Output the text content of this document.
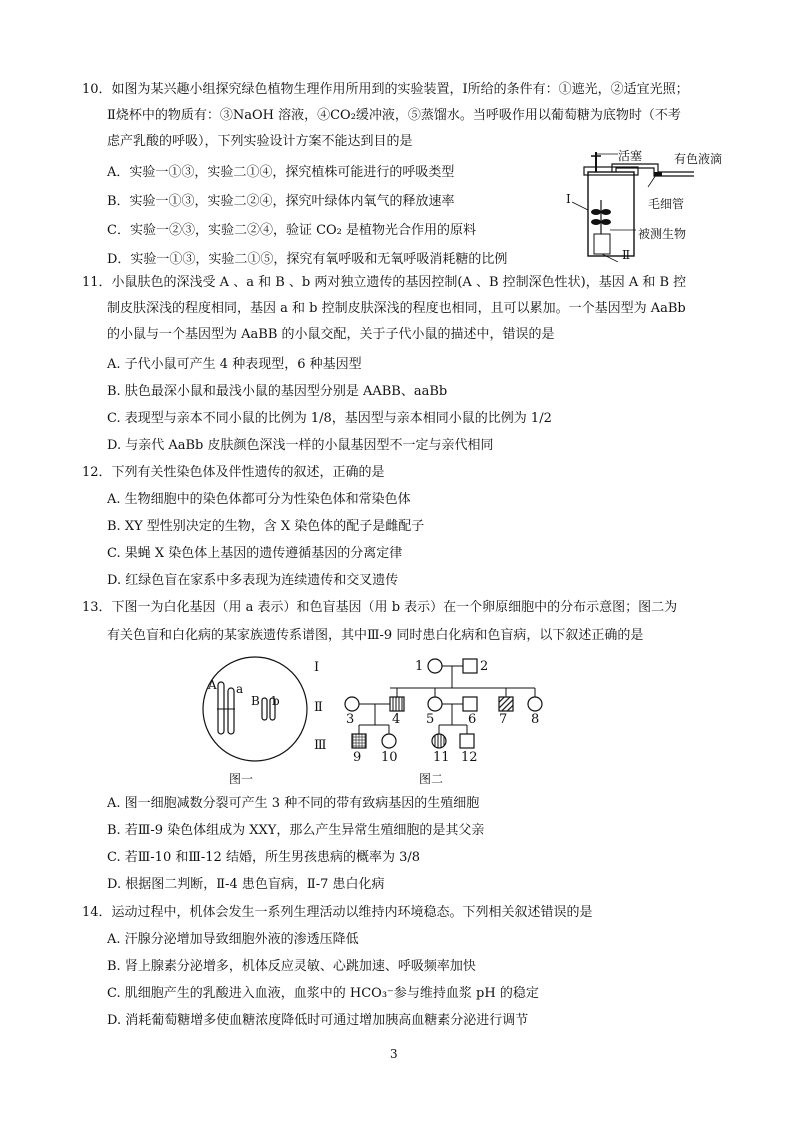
10．如图为某兴趣小组探究绿色植物生理作用所用到的实验装置，Ⅰ所给的条件有：①遮光，②适宜光照；
Ⅱ烧杯中的物质有：③NaOH 溶液，④CO₂缓冲液，⑤蒸馏水。当呼吸作用以葡萄糖为底物时（不考
虑产乳酸的呼吸），下列实验设计方案不能达到目的是
A．实验一①③，实验二①④，探究植株可能进行的呼吸类型
B．实验一①③，实验二②④，探究叶绿体内氧气的释放速率
C．实验一②③，实验二②④，验证 CO₂ 是植物光合作用的原料
D．实验一①③，实验二①⑤，探究有氧呼吸和无氧呼吸消耗糖的比例
活塞	有色液滴
毛细管
被测生物
Ⅰ
Ⅱ
11．小鼠肤色的深浅受 A 、a 和 B 、b 两对独立遗传的基因控制(A 、B 控制深色性状)，基因 A 和 B 控
制皮肤深浅的程度相同，基因 a 和 b 控制皮肤深浅的程度也相同，且可以累加。一个基因型为 AaBb
的小鼠与一个基因型为 AaBB 的小鼠交配，关于子代小鼠的描述中，错误的是
A. 子代小鼠可产生 4 种表现型，6 种基因型
B. 肤色最深小鼠和最浅小鼠的基因型分别是 AABB、aaBb
C. 表现型与亲本不同小鼠的比例为 1/8，基因型与亲本相同小鼠的比例为 1/2
D. 与亲代 AaBb 皮肤颜色深浅一样的小鼠基因型不一定与亲代相同
12．下列有关性染色体及伴性遗传的叙述，正确的是
A. 生物细胞中的染色体都可分为性染色体和常染色体
B. XY 型性别决定的生物，含 X 染色体的配子是雌配子
C. 果蝇 X 染色体上基因的遗传遵循基因的分离定律
D. 红绿色盲在家系中多表现为连续遗传和交叉遗传
13．下图一为白化基因（用 a 表示）和色盲基因（用 b 表示）在一个卵原细胞中的分布示意图；图二为
有关色盲和白化病的某家族遗传系谱图，其中Ⅲ-9 同时患白化病和色盲病，以下叙述正确的是
A a
B b
图一
Ⅰ
Ⅱ
Ⅲ
1	2
3	4 5	6 7 8
9 10	11 12
图二
A. 图一细胞减数分裂可产生 3 种不同的带有致病基因的生殖细胞
B. 若Ⅲ-9 染色体组成为 XXY，那么产生异常生殖细胞的是其父亲
C. 若Ⅲ-10 和Ⅲ-12 结婚，所生男孩患病的概率为 3/8
D. 根据图二判断，Ⅱ-4 患色盲病，Ⅱ-7 患白化病
14．运动过程中，机体会发生一系列生理活动以维持内环境稳态。下列相关叙述错误的是
A. 汗腺分泌增加导致细胞外液的渗透压降低
B. 肾上腺素分泌增多，机体反应灵敏、心跳加速、呼吸频率加快
C. 肌细胞产生的乳酸进入血液，血浆中的 HCO₃⁻参与维持血浆 pH 的稳定
D. 消耗葡萄糖增多使血糖浓度降低时可通过增加胰高血糖素分泌进行调节
3
